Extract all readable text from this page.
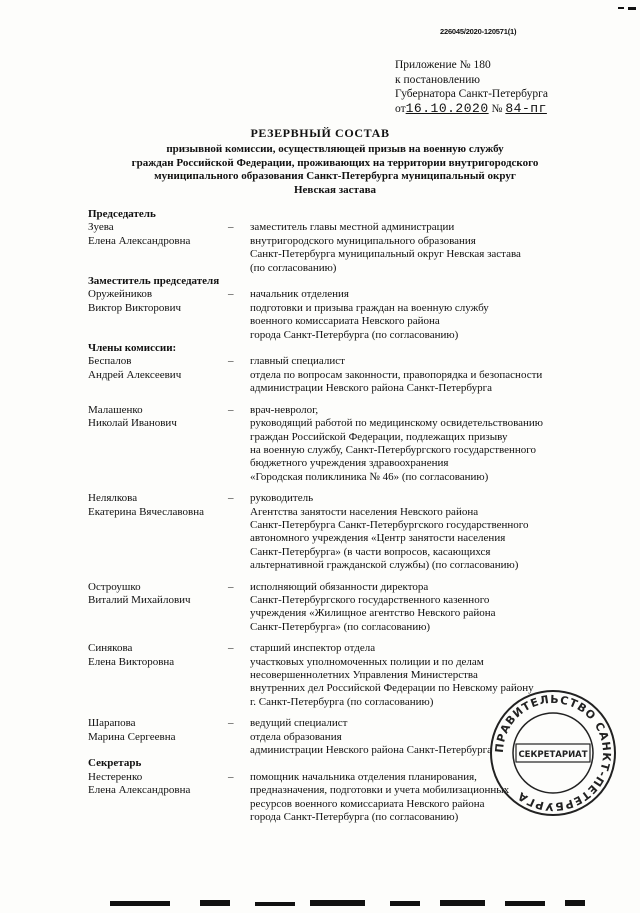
226045/2020-120571(1)
Приложение № 180
к постановлению
Губернатора Санкт-Петербурга
от16.10.2020 № 84-пг
РЕЗЕРВНЫЙ СОСТАВ
призывной комиссии, осуществляющей призыв на военную службу
граждан Российской Федерации, проживающих на территории внутригородского
муниципального образования Санкт-Петербурга муниципальный округ
Невская застава
Председатель
Зуева
Елена Александровна
–	заместитель главы местной администрации
внутригородского муниципального образования
Санкт-Петербурга муниципальный округ Невская застава
(по согласованию)
Заместитель председателя
Оружейников
Виктор Викторович
–	начальник отделения
подготовки и призыва граждан на военную службу
военного комиссариата Невского района
города Санкт-Петербурга (по согласованию)
Члены комиссии:
Беспалов
Андрей Алексеевич
–	главный специалист
отдела по вопросам законности, правопорядка и безопасности
администрации Невского района Санкт-Петербурга
Малашенко
Николай Иванович
–	врач-невролог,
руководящий работой по медицинскому освидетельствованию
граждан Российской Федерации, подлежащих призыву
на военную службу, Санкт-Петербургского государственного
бюджетного учреждения здравоохранения
«Городская поликлиника № 46» (по согласованию)
Нелялкова
Екатерина Вячеславовна
–	руководитель
Агентства занятости населения Невского района
Санкт-Петербурга Санкт-Петербургского государственного
автономного учреждения «Центр занятости населения
Санкт-Петербурга» (в части вопросов, касающихся
альтернативной гражданской службы) (по согласованию)
Остроушко
Виталий Михайлович
–	исполняющий обязанности директора
Санкт-Петербургского государственного казенного
учреждения «Жилищное агентство Невского района
Санкт-Петербурга» (по согласованию)
Синякова
Елена Викторовна
–	старший инспектор отдела
участковых уполномоченных полиции и по делам
несовершеннолетних Управления Министерства
внутренних дел Российской Федерации по Невскому району
г. Санкт-Петербурга (по согласованию)
Шарапова
Марина Сергеевна
–	ведущий специалист
отдела образования
администрации Невского района Санкт-Петербурга
Секретарь
Нестеренко
Елена Александровна
–	помощник начальника отделения планирования,
предназначения, подготовки и учета мобилизационных
ресурсов военного комиссариата Невского района
города Санкт-Петербурга (по согласованию)
ПРАВИТЕЛЬСТВО САНКТ-ПЕТЕРБУРГА
СЕКРЕТАРИАТ
